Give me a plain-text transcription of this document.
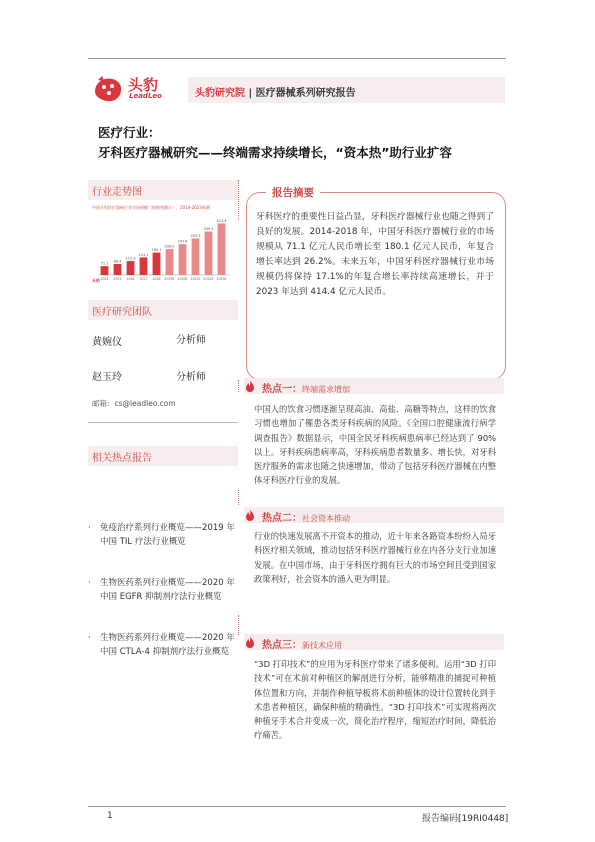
头豹
LeadLeo	头豹研究院 | 医疗器械系列研究报告
医疗行业：
牙科医疗器械研究——终端需求持续增长，“资本热”助行业扩容
行业走势图
中国牙科医疗器械行业市场规模（按销售额计），2014-2023预测
71.1
2014
88.4
2015
111.9
2016
141.1
2017
180.1
2018
208.0
2019E
247.8
2020E
293.3
2021E
349.5
2022E
414.4
2023E
头豹
医疗研究团队
黄婉仪	分析师
赵玉玲	分析师
邮箱：cs@leadleo.com
相关热点报告
· 免疫治疗系列行业概览——2019 年中国 TIL 疗法行业概览
· 生物医药系列行业概览——2020 年中国 EGFR 抑制剂疗法行业概览
· 生物医药系列行业概览——2020 年中国 CTLA-4 抑制剂疗法行业概览
报告摘要
牙科医疗的重要性日益凸显，牙科医疗器械行业也随之得到了良好的发展。2014-2018 年，中国牙科医疗器械行业的市场规模从 71.1 亿元人民币增长至 180.1 亿元人民币，年复合增长率达到 26.2%。未来五年，中国牙科医疗器械行业市场规模仍将保持 17.1%的年复合增长率持续高速增长，并于 2023 年达到 414.4 亿元人民币。
热点一：终端需求增加
中国人的饮食习惯逐渐呈现高油、高盐、高糖等特点，这样的饮食习惯也增加了罹患各类牙科疾病的风险。《全国口腔健康流行病学调查报告》数据显示，中国全民牙科疾病患病率已经达到了 90%以上。牙科疾病患病率高，牙科疾病患者数量多、增长快，对牙科医疗服务的需求也随之快速增加，带动了包括牙科医疗器械在内整体牙科医疗行业的发展。
热点二：社会资本推动
行业的快速发展离不开资本的推动，近十年来各路资本纷纷入局牙科医疗相关领域，推动包括牙科医疗器械行业在内各分支行业加速发展。在中国市场，由于牙科医疗拥有巨大的市场空间且受到国家政策利好，社会资本的涌入更为明显。
热点三：新技术应用
“3D 打印技术”的应用为牙科医疗带来了诸多便利。运用“3D 打印技术”可在术前对种植区的解剖进行分析，能够精准的捕捉可种植体位置和方向，并制作种植导板将术前种植体的设计位置转化到手术患者种植区，确保种植的精确性。“3D 打印技术”可实现将两次种植牙手术合并变成一次，简化治疗程序，缩短治疗时间，降低治疗痛苦。
1	报告编码[19RI0448]
